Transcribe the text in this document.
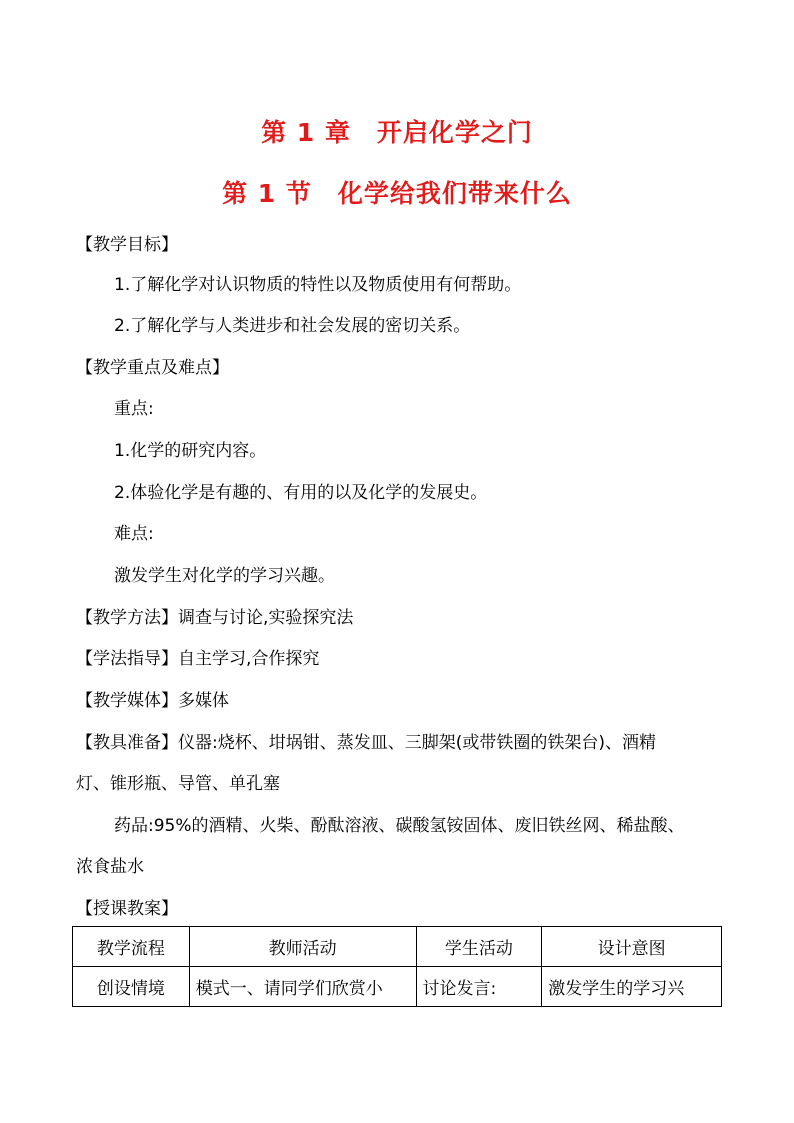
第 1 章　开启化学之门
第 1 节　化学给我们带来什么
【教学目标】
1.了解化学对认识物质的特性以及物质使用有何帮助。
2.了解化学与人类进步和社会发展的密切关系。
【教学重点及难点】
重点:
1.化学的研究内容。
2.体验化学是有趣的、有用的以及化学的发展史。
难点:
激发学生对化学的学习兴趣。
【教学方法】调查与讨论,实验探究法
【学法指导】自主学习,合作探究
【教学媒体】多媒体
【教具准备】仪器:烧杯、坩埚钳、蒸发皿、三脚架(或带铁圈的铁架台)、酒精
灯、锥形瓶、导管、单孔塞
药品:95%的酒精、火柴、酚酞溶液、碳酸氢铵固体、废旧铁丝网、稀盐酸、
浓食盐水
【授课教案】
教学流程	教师活动	学生活动	设计意图
创设情境	模式一、请同学们欣赏小	讨论发言:	激发学生的学习兴
